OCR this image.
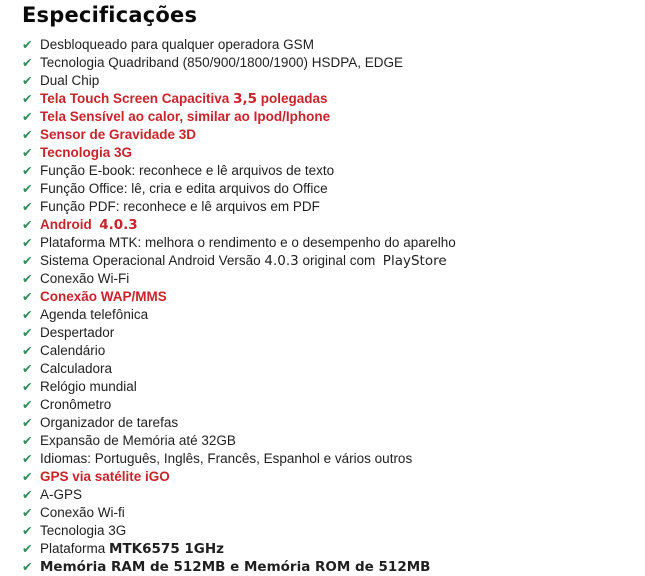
Especificações
✔ Desbloqueado para qualquer operadora GSM
✔ Tecnologia Quadriband (850/900/1800/1900) HSDPA, EDGE
✔ Dual Chip
✔ Tela Touch Screen Capacitiva 3,5 polegadas
✔ Tela Sensível ao calor, similar ao Ipod/Iphone
✔ Sensor de Gravidade 3D
✔ Tecnologia 3G
✔ Função E-book: reconhece e lê arquivos de texto
✔ Função Office: lê, cria e edita arquivos do Office
✔ Função PDF: reconhece e lê arquivos em PDF
✔ Android  4.0.3
✔ Plataforma MTK: melhora o rendimento e o desempenho do aparelho
✔ Sistema Operacional Android Versão 4.0.3 original com  PlayStore
✔ Conexão Wi-Fi
✔ Conexão WAP/MMS
✔ Agenda telefônica
✔ Despertador
✔ Calendário
✔ Calculadora
✔ Relógio mundial
✔ Cronômetro
✔ Organizador de tarefas
✔ Expansão de Memória até 32GB
✔ Idiomas: Português, Inglês, Francês, Espanhol e vários outros
✔ GPS via satélite iGO
✔ A-GPS
✔ Conexão Wi-fi
✔ Tecnologia 3G
✔ Plataforma MTK6575 1GHz
✔ Memória RAM de 512MB e Memória ROM de 512MB
